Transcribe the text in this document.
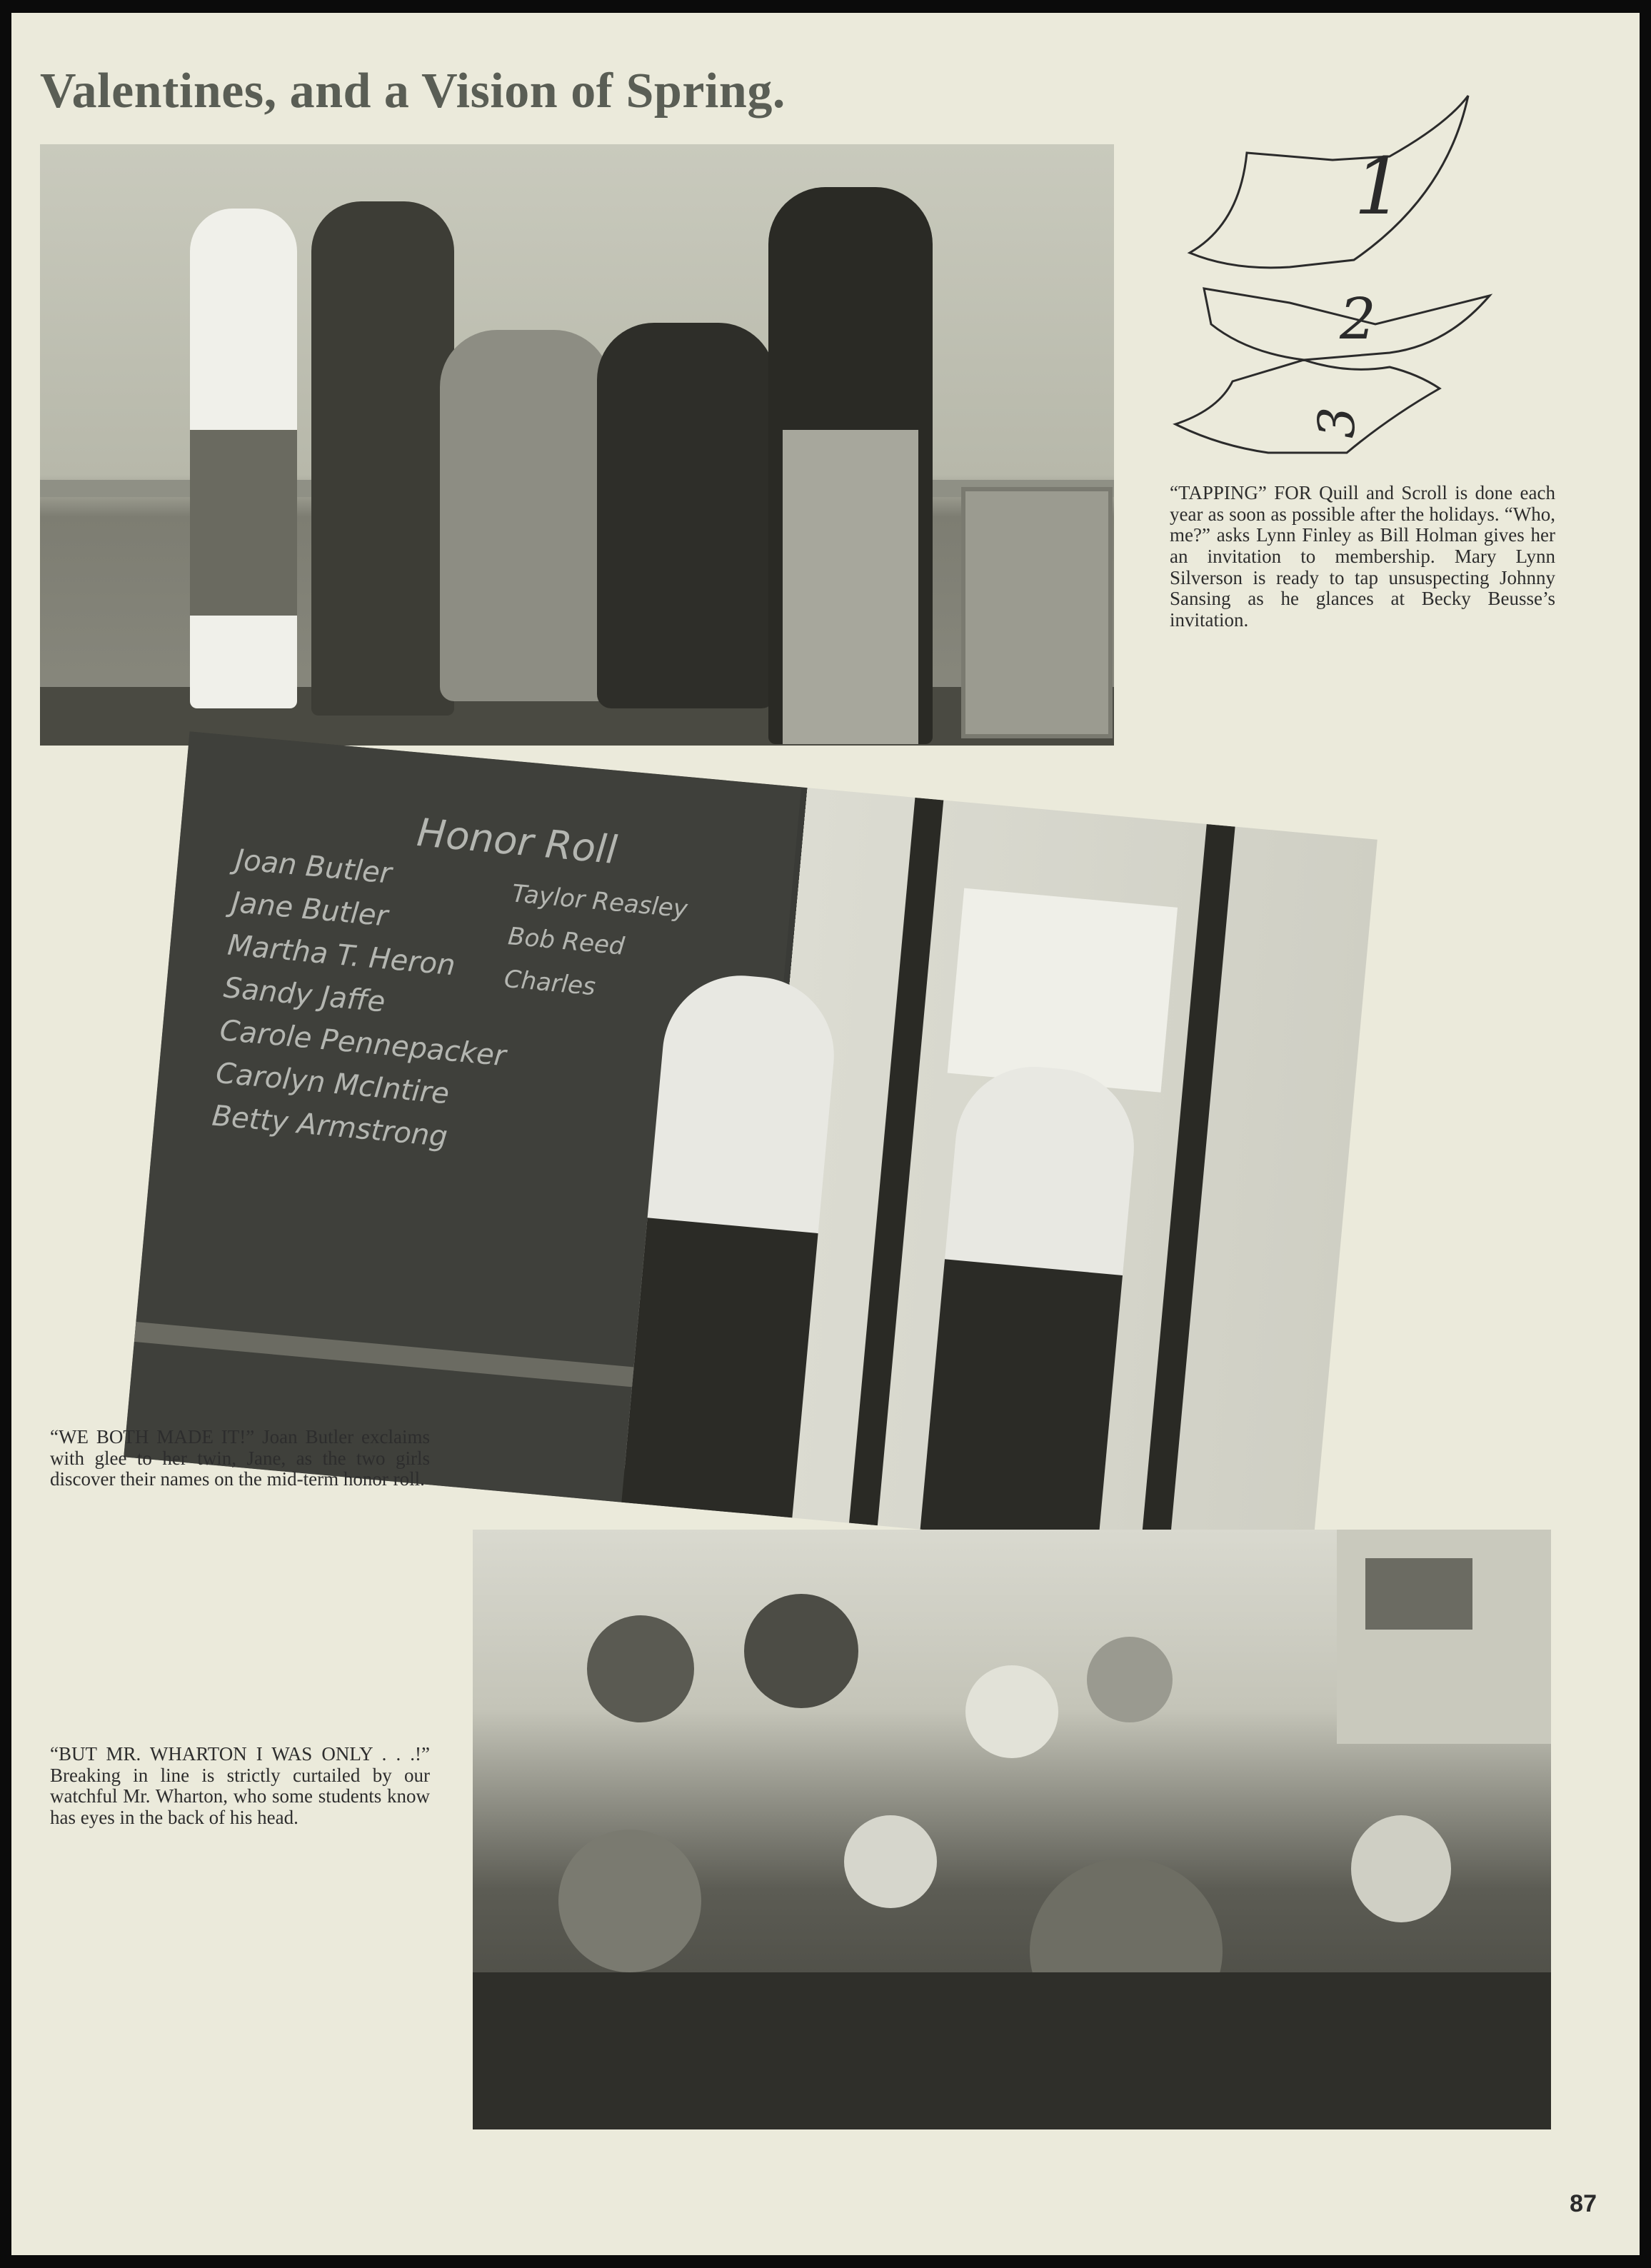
Valentines, and a Vision of Spring.
1
2
3

“TAPPING” FOR Quill and Scroll is done each year as soon as possible after the holidays. “Who, me?” asks Lynn Finley as Bill Holman gives her an invitation to membership. Mary Lynn Silverson is ready to tap unsuspecting Johnny Sansing as he glances at Becky Beusse’s invitation.

Honor Roll
Joan Butler
Jane Butler
Martha T. Heron
Sandy Jaffe
Carole Pennepacker
Carolyn McIntire
Betty Armstrong
Taylor Reasley
Bob Reed
Charles

“WE BOTH MADE IT!” Joan Butler exclaims with glee to her twin, Jane, as the two girls discover their names on the mid-term honor roll.

“BUT MR. WHARTON I WAS ONLY . . .!” Breaking in line is strictly curtailed by our watchful Mr. Wharton, who some students know has eyes in the back of his head.

87
